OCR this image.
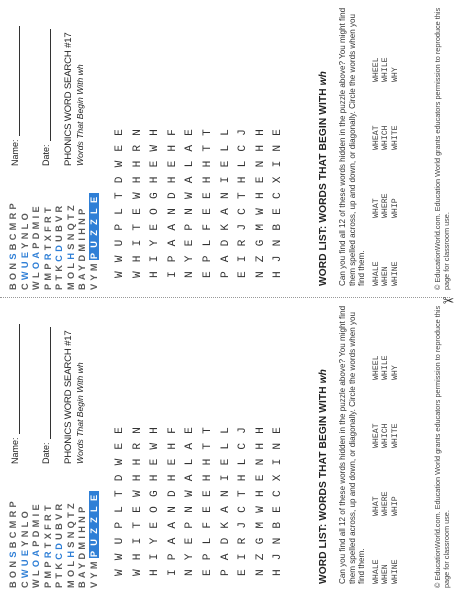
BONSBCMRP
CWUEYNLO
WLOAPDMIE
PMPRTXFRT
PTKCDUBVR
MOLHSNQTZ
BAYDMIHNP
VYMPUZZLE
Name: Date: PHONICS WORD SEARCH #17 Words That Begin With wh
WWUPLTDWEE
WHITEWHHRN
HIYEOGHEWH
IPAANDHEHF
NYEPNWALAE
EPLFEEHHTT
PADKANIELL
EIRJCTHLCJ
NZGMWHENHH
HJNBECXINE	WORD LIST: WORDS THAT BEGIN WITH wh Can you find all 12 of these words hidden in the puzzle above? You might find them spelled across, up and down, or diagonally. Circle the words when you find them. WHALE
WHAT
WHEAT
WHEEL
WHEN
WHERE
WHICH
WHILE
WHINE
WHIP
WHITE
WHY	© EducationWorld.com. Education World grants educators permission to reproduce this page for classroom use.
BONSBCMRP
CWUEYNLO
WLOAPDMIE
PMPRTXFRT
PTKCDUBVR
MOLHSNQTZ
BAYDMIHNP
VYMPUZZLE
Name: Date: PHONICS WORD SEARCH #17 Words That Begin With wh
WWUPLTDWEE
WHITEWHHRN
HIYEOGHEWH
IPAANDHEHF
NYEPNWALAE
EPLFEEHHTT
PADKANIELL
EIRJCTHLCJ
NZGMWHENHH
HJNBECXINE	WORD LIST: WORDS THAT BEGIN WITH wh Can you find all 12 of these words hidden in the puzzle above? You might find them spelled across, up and down, or diagonally. Circle the words when you find them. WHALE
WHAT
WHEAT
WHEEL
WHEN
WHERE
WHICH
WHILE
WHINE
WHIP
WHITE
WHY	© EducationWorld.com. Education World grants educators permission to reproduce this page for classroom use.
✂
